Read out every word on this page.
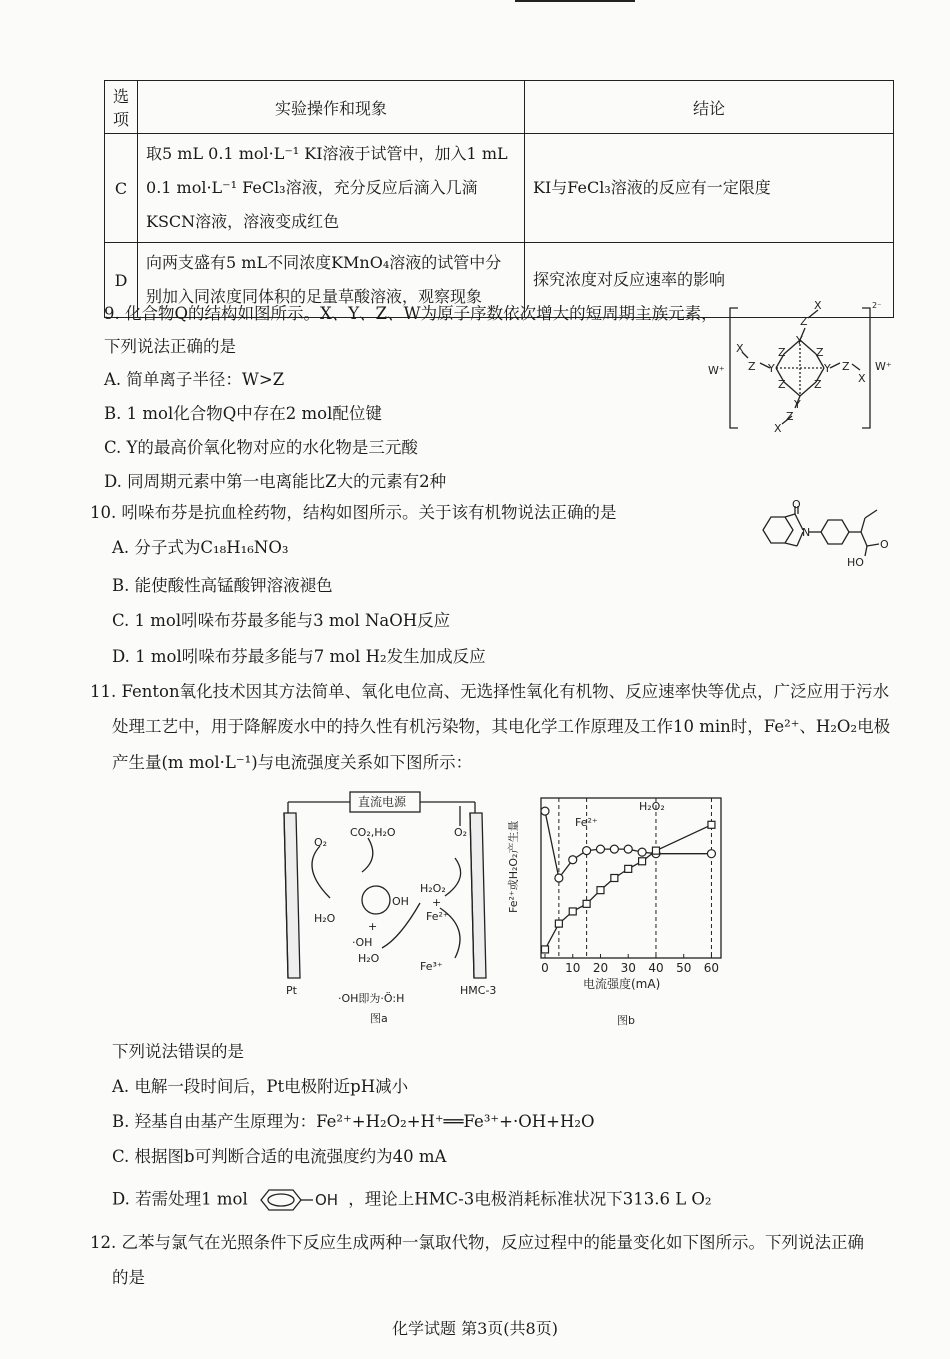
选项	实验操作和现象	结论
C	取5 mL 0.1 mol·L⁻¹ KI溶液于试管中，加入1 mL 0.1 mol·L⁻¹ FeCl₃溶液，充分反应后滴入几滴KSCN溶液，溶液变成红色	KI与FeCl₃溶液的反应有一定限度
D	向两支盛有5 mL不同浓度KMnO₄溶液的试管中分别加入同浓度同体积的足量草酸溶液，观察现象	探究浓度对反应速率的影响
9. 化合物Q的结构如图所示。X、Y、Z、W为原子序数依次增大的短周期主族元素，
下列说法正确的是
A. 简单离子半径：W>Z
B. 1 mol化合物Q中存在2 mol配位键
C. Y的最高价氧化物对应的水化物是三元酸
D. 同周期元素中第一电离能比Z大的元素有2种
X
Z
Y
Z	Z
Y	Y
Z	Z
Y
Z
X
Z
X
Z
X
W⁺	W⁺
2⁻
10. 吲哚布芬是抗血栓药物，结构如图所示。关于该有机物说法正确的是
A. 分子式为C₁₈H₁₆NO₃
B. 能使酸性高锰酸钾溶液褪色
C. 1 mol吲哚布芬最多能与3 mol NaOH反应
D. 1 mol吲哚布芬最多能与7 mol H₂发生加成反应
O
N
O
HO
11. Fenton氧化技术因其方法简单、氧化电位高、无选择性氧化有机物、反应速率快等优点，广泛应用于污水
处理工艺中，用于降解废水中的持久性有机污染物，其电化学工作原理及工作10 min时，Fe²⁺、H₂O₂电极
产生量(m mol·L⁻¹)与电流强度关系如下图所示：
直流电源
O₂
H₂O
CO₂,H₂O	O₂
OH
+
·OH
H₂O
H₂O₂
+
Fe²⁺
Fe³⁺
Pt	HMC-3
·OH即为·Ö:H
图a
Fe²⁺或H₂O₂产生量
电流强度(mA)
图b
0 10 20 30 40 50 60
Fe²⁺
H₂O₂
下列说法错误的是
A. 电解一段时间后，Pt电极附近pH减小
B. 羟基自由基产生原理为：Fe²⁺+H₂O₂+H⁺══Fe³⁺+·OH+H₂O
C. 根据图b可判断合适的电流强度约为40 mA
D. 若需处理1 mol	OH ，理论上HMC-3电极消耗标准状况下313.6 L O₂
12. 乙苯与氯气在光照条件下反应生成两种一氯取代物，反应过程中的能量变化如下图所示。下列说法正确
的是
化学试题 第3页(共8页)
